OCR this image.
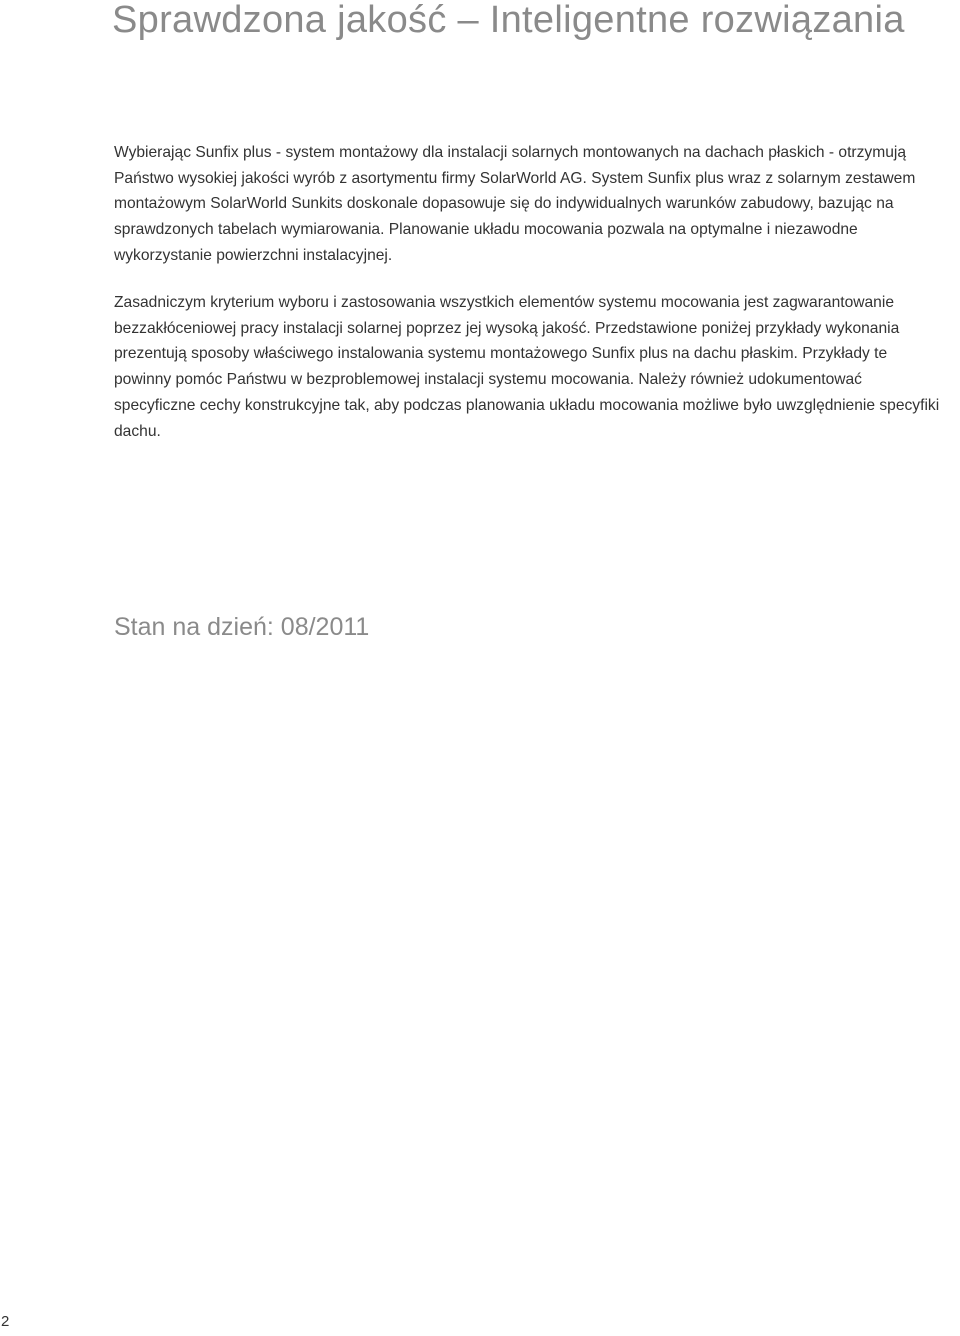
Sprawdzona jakość – Inteligentne rozwiązania

Wybierając Sunfix plus - system montażowy dla instalacji solarnych montowanych na dachach płaskich - otrzymują Państwo wysokiej jakości wyrób z asortymentu firmy SolarWorld AG. System Sunfix plus wraz z solarnym zestawem montażowym SolarWorld Sunkits doskonale dopasowuje się do indywidualnych warunków zabudowy, bazując na sprawdzonych tabelach wymiarowania. Planowanie układu mocowania pozwala na optymalne i niezawodne wykorzystanie powierzchni instalacyjnej.

Zasadniczym kryterium wyboru i zastosowania wszystkich elementów systemu mocowania jest zagwarantowanie bezzakłóceniowej pracy instalacji solarnej poprzez jej wysoką jakość. Przedstawione poniżej przykłady wykonania prezentują sposoby właściwego instalowania systemu montażowego Sunfix plus na dachu płaskim. Przykłady te powinny pomóc Państwu w bezproblemowej instalacji systemu mocowania. Należy również udokumentować specyficzne cechy konstrukcyjne tak, aby podczas planowania układu mocowania możliwe było uwzględnienie specyfiki dachu.

Stan na dzień: 08/2011

2
